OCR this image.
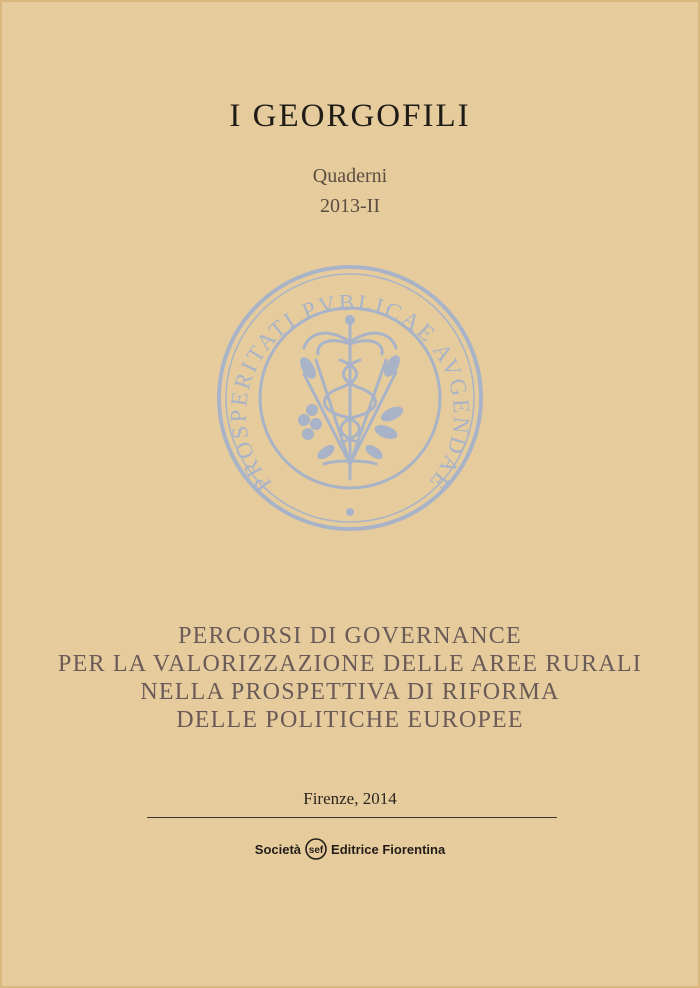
I GEORGOFILI
Quaderni
2013-II
PROSPERITATI PVBLICAE AVGENDAE
PERCORSI DI GOVERNANCE
PER LA VALORIZZAZIONE DELLE AREE RURALI
NELLA PROSPETTIVA DI RIFORMA
DELLE POLITICHE EUROPEE
Firenze, 2014
Società sef Editrice Fiorentina
